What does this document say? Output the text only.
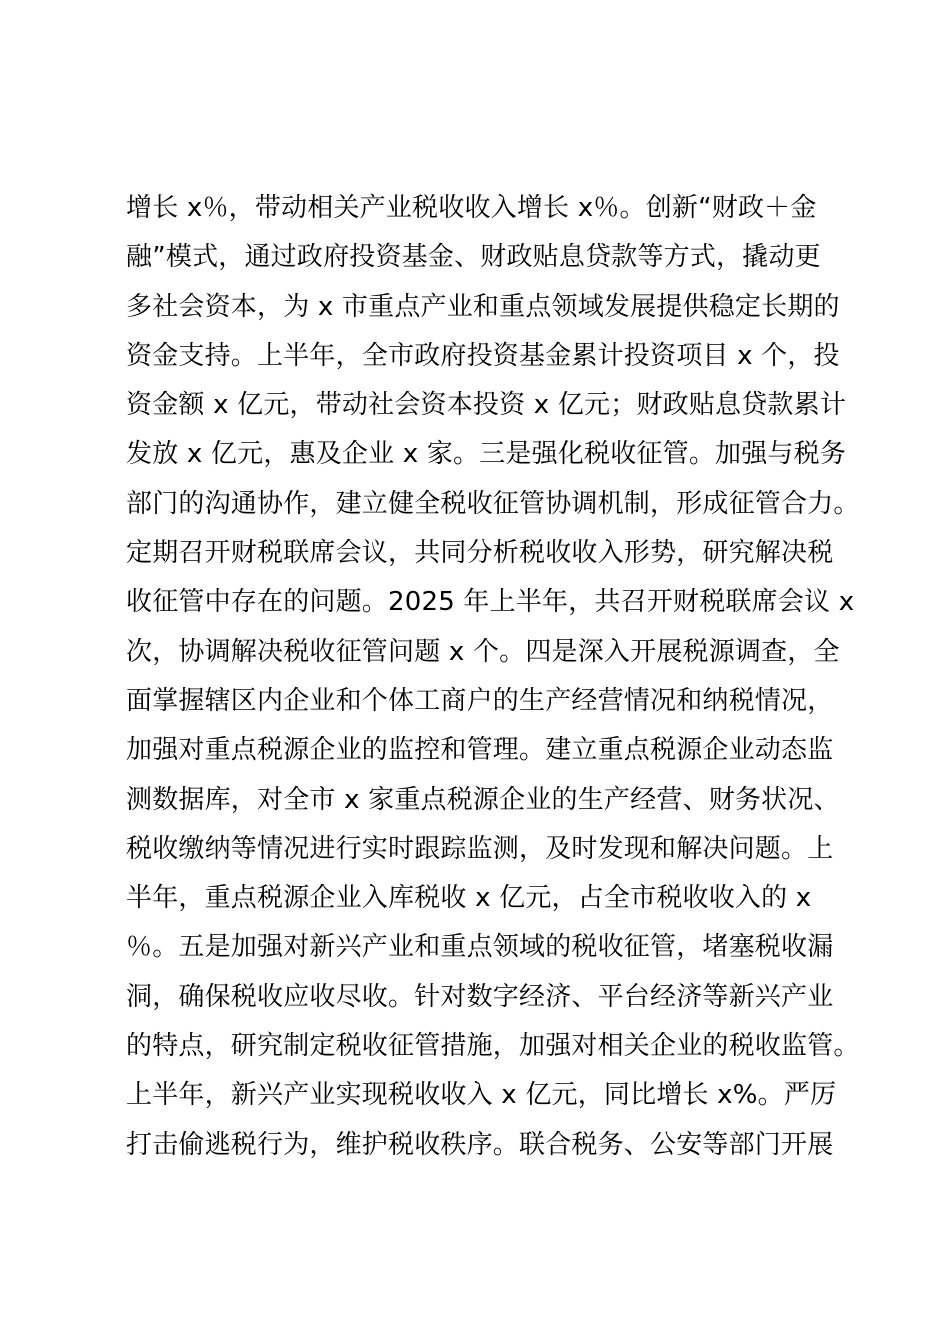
增长 x％，带动相关产业税收收入增长 x％。创新“财政＋金
融”模式，通过政府投资基金、财政贴息贷款等方式，撬动更
多社会资本，为 x 市重点产业和重点领域发展提供稳定长期的
资金支持。上半年，全市政府投资基金累计投资项目 x 个，投
资金额 x 亿元，带动社会资本投资 x 亿元；财政贴息贷款累计
发放 x 亿元，惠及企业 x 家。三是强化税收征管。加强与税务
部门的沟通协作，建立健全税收征管协调机制，形成征管合力。
定期召开财税联席会议，共同分析税收收入形势，研究解决税
收征管中存在的问题。2025 年上半年，共召开财税联席会议 x
次，协调解决税收征管问题 x 个。四是深入开展税源调查，全
面掌握辖区内企业和个体工商户的生产经营情况和纳税情况，
加强对重点税源企业的监控和管理。建立重点税源企业动态监
测数据库，对全市 x 家重点税源企业的生产经营、财务状况、
税收缴纳等情况进行实时跟踪监测，及时发现和解决问题。上
半年，重点税源企业入库税收 x 亿元，占全市税收收入的 x
％。五是加强对新兴产业和重点领域的税收征管，堵塞税收漏
洞，确保税收应收尽收。针对数字经济、平台经济等新兴产业
的特点，研究制定税收征管措施，加强对相关企业的税收监管。
上半年，新兴产业实现税收收入 x 亿元，同比增长 x%。严厉
打击偷逃税行为，维护税收秩序。联合税务、公安等部门开展
